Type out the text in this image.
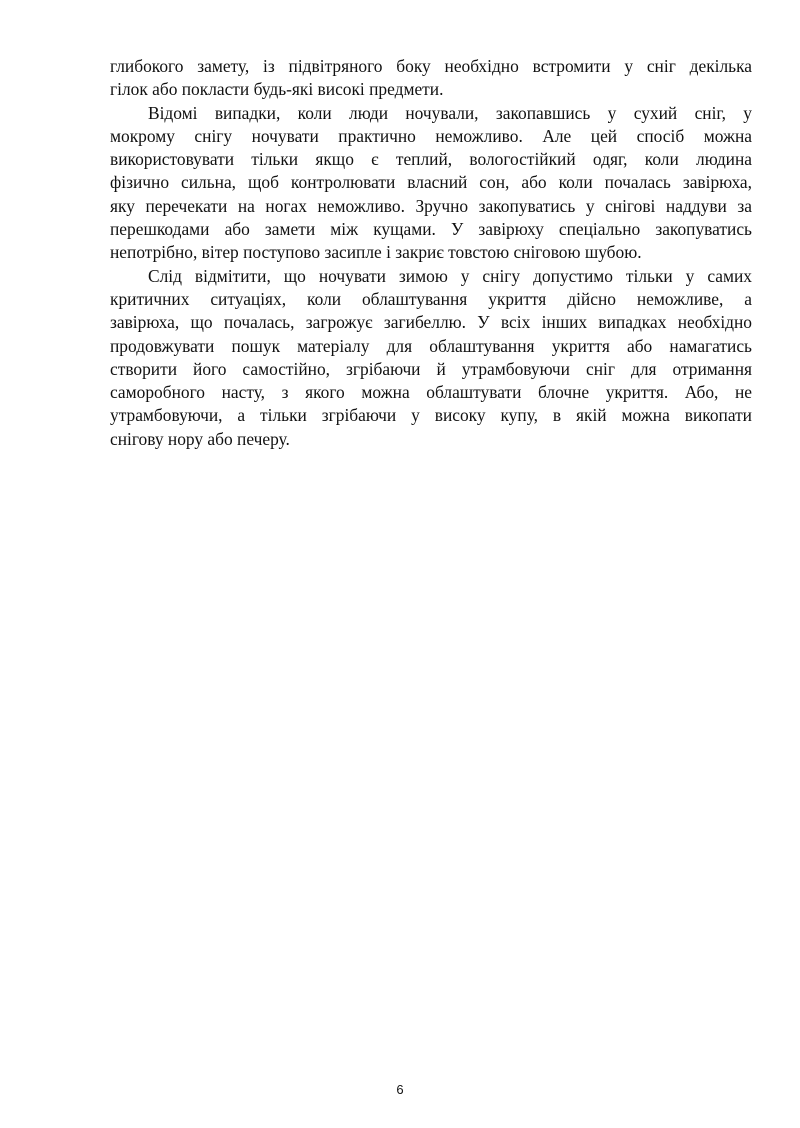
глибокого замету, із підвітряного боку необхідно встромити у сніг декілька
гілок або покласти будь-які високі предмети.
Відомі випадки, коли люди ночували, закопавшись у сухий сніг, у
мокрому снігу ночувати практично неможливо. Але цей спосіб можна
використовувати тільки якщо є теплий, вологостійкий одяг, коли людина
фізично сильна, щоб контролювати власний сон, або коли почалась завірюха,
яку перечекати на ногах неможливо. Зручно закопуватись у снігові наддуви за
перешкодами або замети між кущами. У завірюху спеціально закопуватись
непотрібно, вітер поступово засипле і закриє товстою сніговою шубою.
Слід відмітити, що ночувати зимою у снігу допустимо тільки у самих
критичних ситуаціях, коли облаштування укриття дійсно неможливе, а
завірюха, що почалась, загрожує загибеллю. У всіх інших випадках необхідно
продовжувати пошук матеріалу для облаштування укриття або намагатись
створити його самостійно, згрібаючи й утрамбовуючи сніг для отримання
саморобного насту, з якого можна облаштувати блочне укриття. Або, не
утрамбовуючи, а тільки згрібаючи у високу купу, в якій можна викопати
снігову нору або печеру.
6
